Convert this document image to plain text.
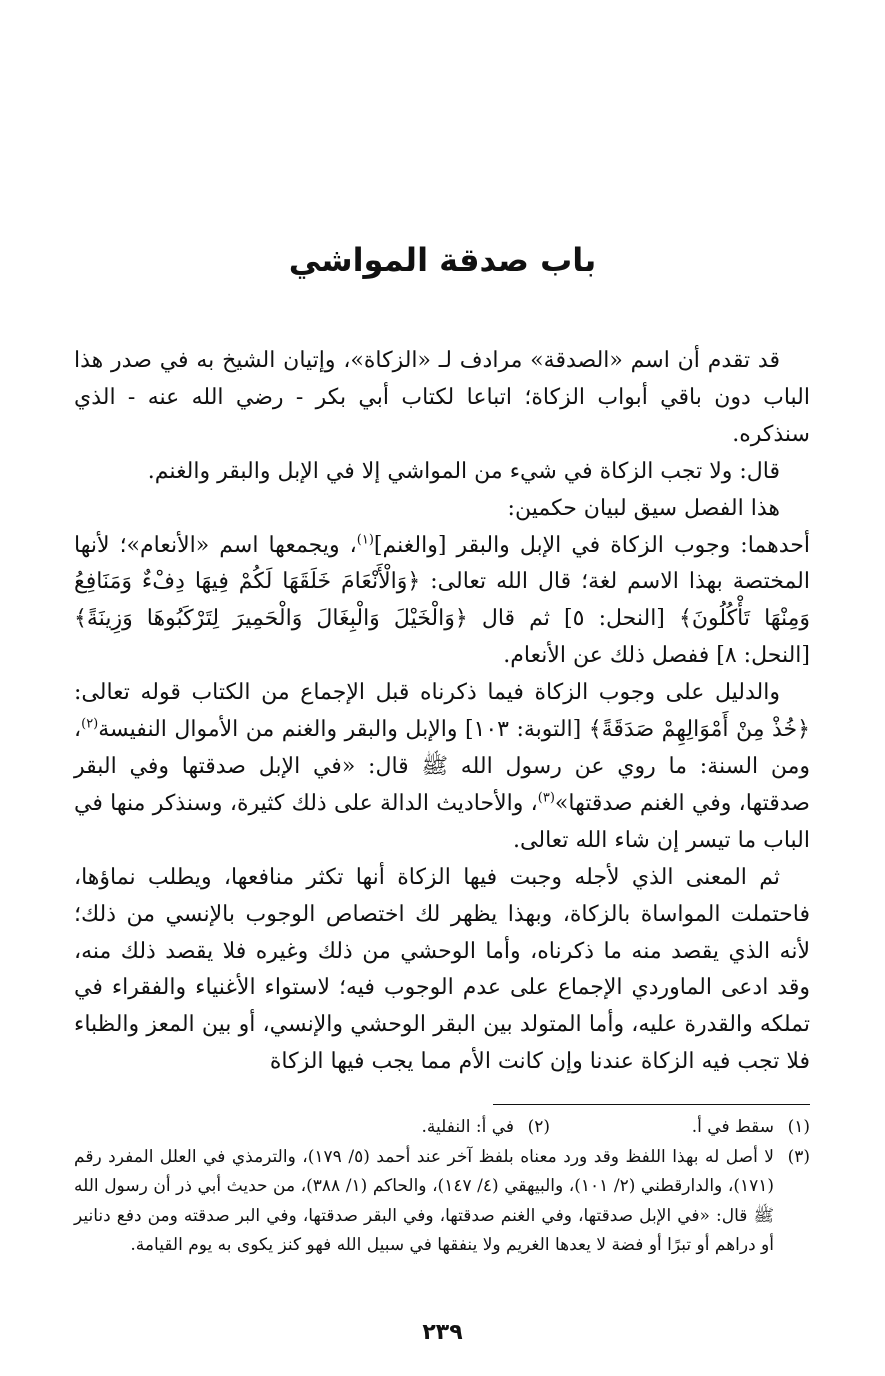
باب صدقة المواشي

قد تقدم أن اسم «الصدقة» مرادف لـ «الزكاة»، وإتيان الشيخ به في صدر هذا الباب دون باقي أبواب الزكاة؛ اتباعا لكتاب أبي بكر - رضي الله عنه - الذي سنذكره.

قال: ولا تجب الزكاة في شيء من المواشي إلا في الإبل والبقر والغنم.

هذا الفصل سيق لبيان حكمين:

أحدهما: وجوب الزكاة في الإبل والبقر [والغنم]$^{(١)}$، ويجمعها اسم «الأنعام»؛ لأنها المختصة بهذا الاسم لغة؛ قال الله تعالى: ﴿وَالْأَنْعَامَ خَلَقَهَا لَكُمْ فِيهَا دِفْءٌ وَمَنَافِعُ وَمِنْهَا تَأْكُلُونَ﴾ [النحل: ٥] ثم قال ﴿وَالْخَيْلَ وَالْبِغَالَ وَالْحَمِيرَ لِتَرْكَبُوهَا وَزِينَةً﴾ [النحل: ٨] ففصل ذلك عن الأنعام.

والدليل على وجوب الزكاة فيما ذكرناه قبل الإجماع من الكتاب قوله تعالى: ﴿خُذْ مِنْ أَمْوَالِهِمْ صَدَقَةً﴾ [التوبة: ١٠٣] والإبل والبقر والغنم من الأموال النفيسة$^{(٢)}$، ومن السنة: ما روي عن رسول الله ﷺ قال: «في الإبل صدقتها وفي البقر صدقتها، وفي الغنم صدقتها»$^{(٣)}$، والأحاديث الدالة على ذلك كثيرة، وسنذكر منها في الباب ما تيسر إن شاء الله تعالى.

ثم المعنى الذي لأجله وجبت فيها الزكاة أنها تكثر منافعها، ويطلب نماؤها، فاحتملت المواساة بالزكاة، وبهذا يظهر لك اختصاص الوجوب بالإنسي من ذلك؛ لأنه الذي يقصد منه ما ذكرناه، وأما الوحشي من ذلك وغيره فلا يقصد ذلك منه، وقد ادعى الماوردي الإجماع على عدم الوجوب فيه؛ لاستواء الأغنياء والفقراء في تملكه والقدرة عليه، وأما المتولد بين البقر الوحشي والإنسي، أو بين المعز والظباء فلا تجب فيه الزكاة عندنا وإن كانت الأم مما يجب فيها الزكاة

(١)سقط في أ.
(٢)في أ: النفلية.
(٣)
لا أصل له بهذا اللفظ وقد ورد معناه بلفظ آخر عند أحمد (٥/ ١٧٩)، والترمذي في العلل المفرد رقم (١٧١)، والدارقطني (٢/ ١٠١)، والبيهقي (٤/ ١٤٧)، والحاكم (١/ ٣٨٨)، من حديث أبي ذر أن رسول الله ﷺ قال: «في الإبل صدقتها، وفي الغنم صدقتها، وفي البقر صدقتها، وفي البر صدقته ومن دفع دنانير أو دراهم أو تبرًا أو فضة لا يعدها الغريم ولا ينفقها في سبيل الله فهو كنز يكوى به يوم القيامة.
٢٣٩
